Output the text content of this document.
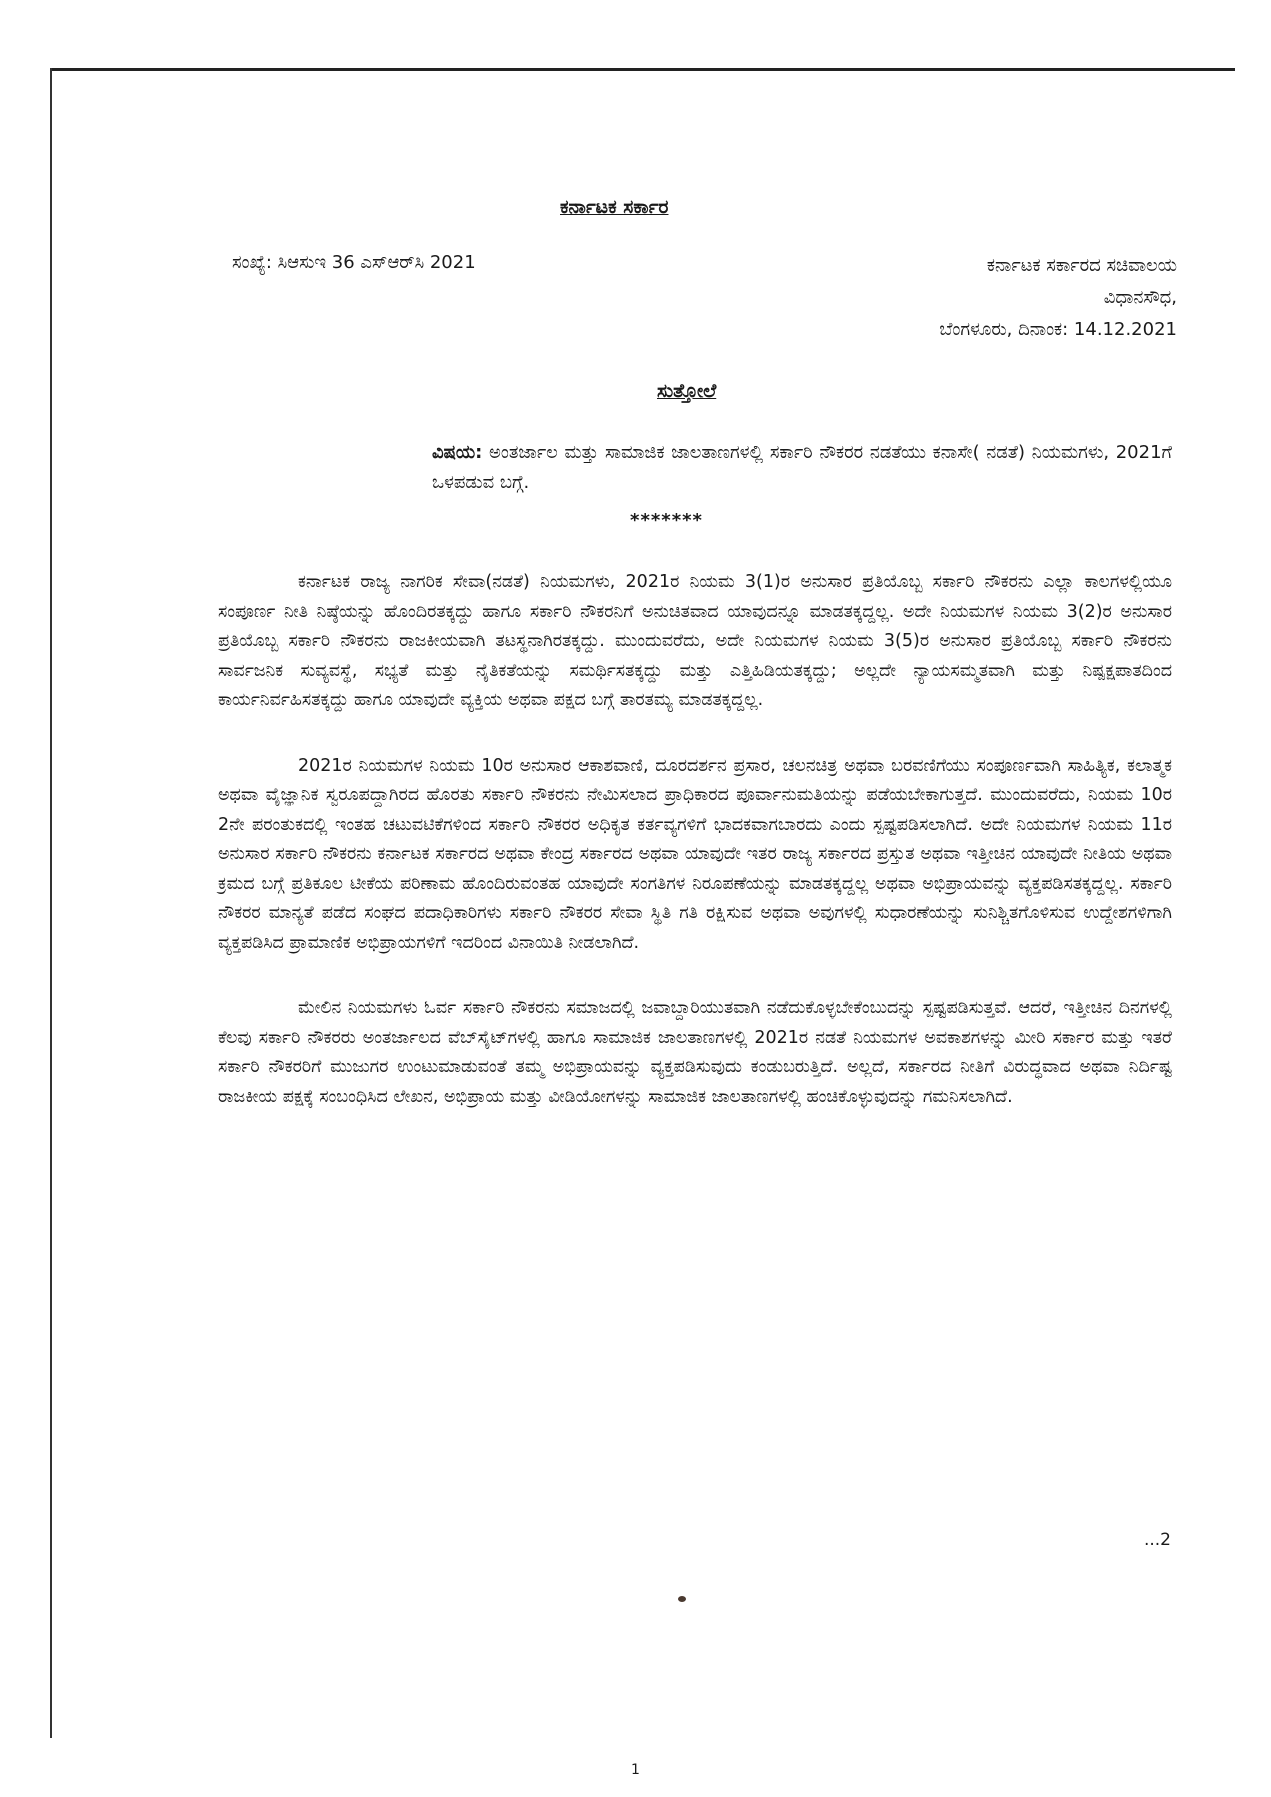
ಕರ್ನಾಟಕ ಸರ್ಕಾರ
ಸಂಖ್ಯೆ: ಸಿಆಸುಇ 36 ಎಸ್‌ಆರ್‌ಸಿ 2021	ಕರ್ನಾಟಕ ಸರ್ಕಾರದ ಸಚಿವಾಲಯ
ವಿಧಾನಸೌಧ,
ಬೆಂಗಳೂರು, ದಿನಾಂಕ: 14.12.2021
ಸುತ್ತೋಲೆ
ವಿಷಯ: ಅಂತರ್ಜಾಲ ಮತ್ತು ಸಾಮಾಜಿಕ ಜಾಲತಾಣಗಳಲ್ಲಿ ಸರ್ಕಾರಿ ನೌಕರರ ನಡತೆಯು ಕನಾಸೇ( ನಡತೆ) ನಿಯಮಗಳು, 2021ಗೆ ಒಳಪಡುವ ಬಗ್ಗೆ.
*******

ಕರ್ನಾಟಕ ರಾಜ್ಯ ನಾಗರಿಕ ಸೇವಾ(ನಡತೆ) ನಿಯಮಗಳು, 2021ರ ನಿಯಮ 3(1)ರ ಅನುಸಾರ ಪ್ರತಿಯೊಬ್ಬ ಸರ್ಕಾರಿ ನೌಕರನು ಎಲ್ಲಾ ಕಾಲಗಳಲ್ಲಿಯೂ ಸಂಪೂರ್ಣ ನೀತಿ ನಿಷ್ಠೆಯನ್ನು ಹೊಂದಿರತಕ್ಕದ್ದು ಹಾಗೂ ಸರ್ಕಾರಿ ನೌಕರನಿಗೆ ಅನುಚಿತವಾದ ಯಾವುದನ್ನೂ ಮಾಡತಕ್ಕದ್ದಲ್ಲ. ಅದೇ ನಿಯಮಗಳ ನಿಯಮ 3(2)ರ ಅನುಸಾರ ಪ್ರತಿಯೊಬ್ಬ ಸರ್ಕಾರಿ ನೌಕರನು ರಾಜಕೀಯವಾಗಿ ತಟಸ್ಥನಾಗಿರತಕ್ಕದ್ದು. ಮುಂದುವರೆದು, ಅದೇ ನಿಯಮಗಳ ನಿಯಮ 3(5)ರ ಅನುಸಾರ ಪ್ರತಿಯೊಬ್ಬ ಸರ್ಕಾರಿ ನೌಕರನು ಸಾರ್ವಜನಿಕ ಸುವ್ಯವಸ್ಥೆ, ಸಭ್ಯತೆ ಮತ್ತು ನೈತಿಕತೆಯನ್ನು ಸಮರ್ಥಿಸತಕ್ಕದ್ದು ಮತ್ತು ಎತ್ತಿಹಿಡಿಯತಕ್ಕದ್ದು; ಅಲ್ಲದೇ ನ್ಯಾಯಸಮ್ಮತವಾಗಿ ಮತ್ತು ನಿಷ್ಪಕ್ಷಪಾತದಿಂದ ಕಾರ್ಯನಿರ್ವಹಿಸತಕ್ಕದ್ದು ಹಾಗೂ ಯಾವುದೇ ವ್ಯಕ್ತಿಯ ಅಥವಾ ಪಕ್ಷದ ಬಗ್ಗೆ ತಾರತಮ್ಯ ಮಾಡತಕ್ಕದ್ದಲ್ಲ.

2021ರ ನಿಯಮಗಳ ನಿಯಮ 10ರ ಅನುಸಾರ ಆಕಾಶವಾಣಿ, ದೂರದರ್ಶನ ಪ್ರಸಾರ, ಚಲನಚಿತ್ರ ಅಥವಾ ಬರವಣಿಗೆಯು ಸಂಪೂರ್ಣವಾಗಿ ಸಾಹಿತ್ಯಿಕ, ಕಲಾತ್ಮಕ ಅಥವಾ ವೈಜ್ಞಾನಿಕ ಸ್ವರೂಪದ್ದಾಗಿರದ ಹೊರತು ಸರ್ಕಾರಿ ನೌಕರನು ನೇಮಿಸಲಾದ ಪ್ರಾಧಿಕಾರದ ಪೂರ್ವಾನುಮತಿಯನ್ನು ಪಡೆಯಬೇಕಾಗುತ್ತದೆ. ಮುಂದುವರೆದು, ನಿಯಮ 10ರ 2ನೇ ಪರಂತುಕದಲ್ಲಿ ಇಂತಹ ಚಟುವಟಿಕೆಗಳಿಂದ ಸರ್ಕಾರಿ ನೌಕರರ ಅಧಿಕೃತ ಕರ್ತವ್ಯಗಳಿಗೆ ಭಾದಕವಾಗಬಾರದು ಎಂದು ಸ್ಪಷ್ಟಪಡಿಸಲಾಗಿದೆ. ಅದೇ ನಿಯಮಗಳ ನಿಯಮ 11ರ ಅನುಸಾರ ಸರ್ಕಾರಿ ನೌಕರನು ಕರ್ನಾಟಕ ಸರ್ಕಾರದ ಅಥವಾ ಕೇಂದ್ರ ಸರ್ಕಾರದ ಅಥವಾ ಯಾವುದೇ ಇತರ ರಾಜ್ಯ ಸರ್ಕಾರದ ಪ್ರಸ್ತುತ ಅಥವಾ ಇತ್ತೀಚಿನ ಯಾವುದೇ ನೀತಿಯ ಅಥವಾ ಕ್ರಮದ ಬಗ್ಗೆ ಪ್ರತಿಕೂಲ ಟೀಕೆಯ ಪರಿಣಾಮ ಹೊಂದಿರುವಂತಹ ಯಾವುದೇ ಸಂಗತಿಗಳ ನಿರೂಪಣೆಯನ್ನು ಮಾಡತಕ್ಕದ್ದಲ್ಲ ಅಥವಾ ಅಭಿಪ್ರಾಯವನ್ನು ವ್ಯಕ್ತಪಡಿಸತಕ್ಕದ್ದಲ್ಲ. ಸರ್ಕಾರಿ ನೌಕರರ ಮಾನ್ಯತೆ ಪಡೆದ ಸಂಘದ ಪದಾಧಿಕಾರಿಗಳು ಸರ್ಕಾರಿ ನೌಕರರ ಸೇವಾ ಸ್ಥಿತಿ ಗತಿ ರಕ್ಷಿಸುವ ಅಥವಾ ಅವುಗಳಲ್ಲಿ ಸುಧಾರಣೆಯನ್ನು ಸುನಿಶ್ಚಿತಗೊಳಿಸುವ ಉದ್ದೇಶಗಳಿಗಾಗಿ ವ್ಯಕ್ತಪಡಿಸಿದ ಪ್ರಾಮಾಣಿಕ ಅಭಿಪ್ರಾಯಗಳಿಗೆ ಇದರಿಂದ ವಿನಾಯಿತಿ ನೀಡಲಾಗಿದೆ.

ಮೇಲಿನ ನಿಯಮಗಳು ಓರ್ವ ಸರ್ಕಾರಿ ನೌಕರನು ಸಮಾಜದಲ್ಲಿ ಜವಾಬ್ದಾರಿಯುತವಾಗಿ ನಡೆದುಕೊಳ್ಳಬೇಕೆಂಬುದನ್ನು ಸ್ಪಷ್ಟಪಡಿಸುತ್ತವೆ. ಆದರೆ, ಇತ್ತೀಚಿನ ದಿನಗಳಲ್ಲಿ ಕೆಲವು ಸರ್ಕಾರಿ ನೌಕರರು ಅಂತರ್ಜಾಲದ ವೆಬ್‌ಸೈಟ್‌ಗಳಲ್ಲಿ ಹಾಗೂ ಸಾಮಾಜಿಕ ಜಾಲತಾಣಗಳಲ್ಲಿ 2021ರ ನಡತೆ ನಿಯಮಗಳ ಅವಕಾಶಗಳನ್ನು ಮೀರಿ ಸರ್ಕಾರ ಮತ್ತು ಇತರೆ ಸರ್ಕಾರಿ ನೌಕರರಿಗೆ ಮುಜುಗರ ಉಂಟುಮಾಡುವಂತೆ ತಮ್ಮ ಅಭಿಪ್ರಾಯವನ್ನು ವ್ಯಕ್ತಪಡಿಸುವುದು ಕಂಡುಬರುತ್ತಿದೆ. ಅಲ್ಲದೆ, ಸರ್ಕಾರದ ನೀತಿಗೆ ವಿರುದ್ಧವಾದ ಅಥವಾ ನಿರ್ದಿಷ್ಟ ರಾಜಕೀಯ ಪಕ್ಷಕ್ಕೆ ಸಂಬಂಧಿಸಿದ ಲೇಖನ, ಅಭಿಪ್ರಾಯ ಮತ್ತು ವೀಡಿಯೋಗಳನ್ನು ಸಾಮಾಜಿಕ ಜಾಲತಾಣಗಳಲ್ಲಿ ಹಂಚಿಕೊಳ್ಳುವುದನ್ನು ಗಮನಿಸಲಾಗಿದೆ.

...2
1
